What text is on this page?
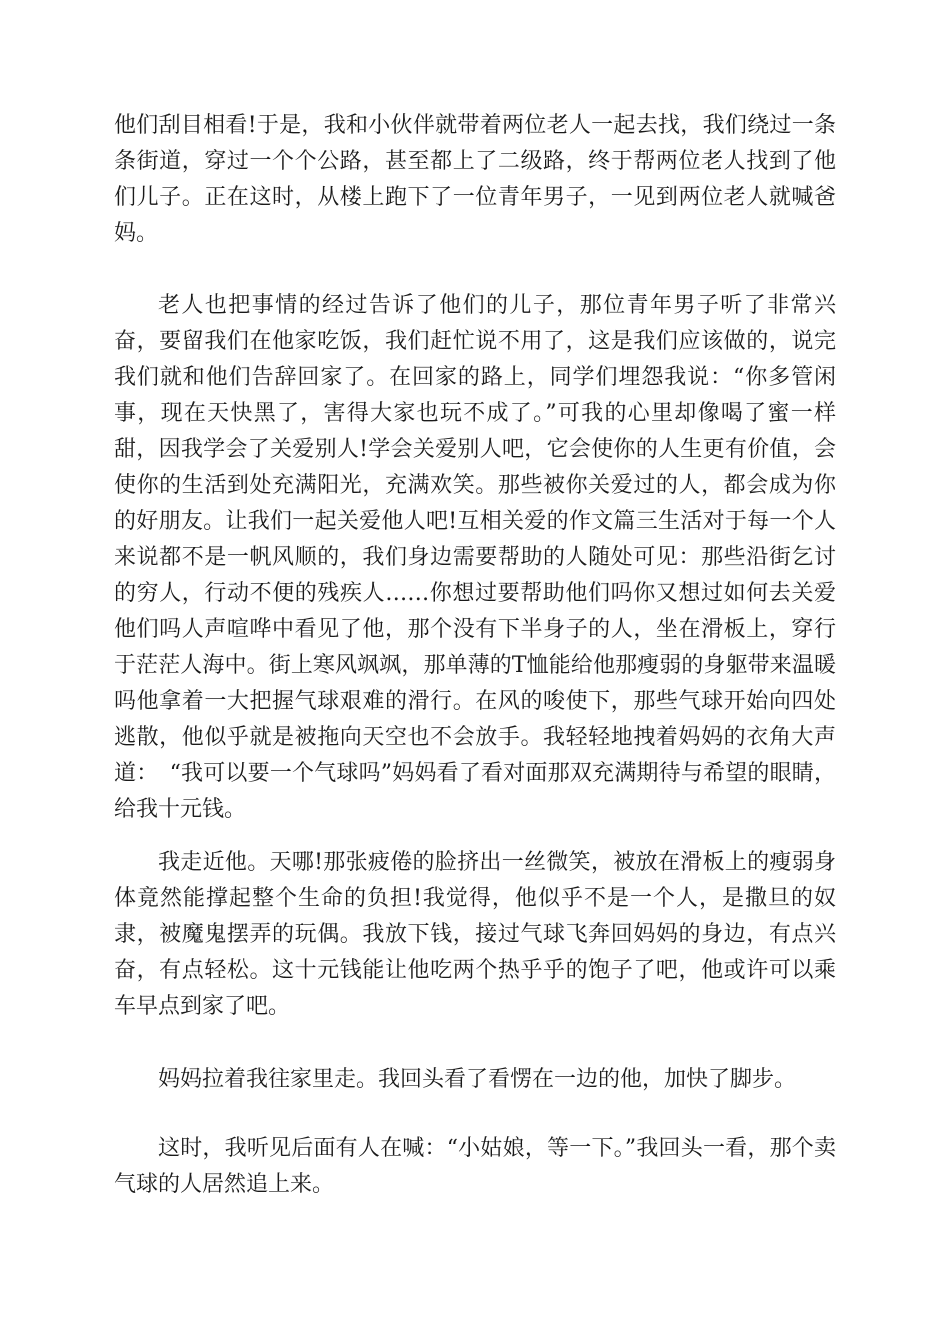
他们刮目相看!于是，我和小伙伴就带着两位老人一起去找，我们绕过一条条街道，穿过一个个公路，甚至都上了二级路，终于帮两位老人找到了他们儿子。正在这时，从楼上跑下了一位青年男子，一见到两位老人就喊爸妈。

老人也把事情的经过告诉了他们的儿子，那位青年男子听了非常兴奋，要留我们在他家吃饭，我们赶忙说不用了，这是我们应该做的，说完我们就和他们告辞回家了。在回家的路上，同学们埋怨我说：“你多管闲事，现在天快黑了，害得大家也玩不成了。”可我的心里却像喝了蜜一样甜，因我学会了关爱别人!学会关爱别人吧，它会使你的人生更有价值，会使你的生活到处充满阳光，充满欢笑。那些被你关爱过的人，都会成为你的好朋友。让我们一起关爱他人吧!互相关爱的作文篇三生活对于每一个人来说都不是一帆风顺的，我们身边需要帮助的人随处可见：那些沿街乞讨的穷人，行动不便的残疾人……你想过要帮助他们吗你又想过如何去关爱他们吗人声喧哗中看见了他，那个没有下半身子的人，坐在滑板上，穿行于茫茫人海中。街上寒风飒飒，那单薄的T恤能给他那瘦弱的身躯带来温暖吗他拿着一大把握气球艰难的滑行。在风的唆使下，那些气球开始向四处逃散，他似乎就是被拖向天空也不会放手。我轻轻地拽着妈妈的衣角大声道：　“我可以要一个气球吗”妈妈看了看对面那双充满期待与希望的眼睛，给我十元钱。

我走近他。天哪!那张疲倦的脸挤出一丝微笑，被放在滑板上的瘦弱身体竟然能撑起整个生命的负担!我觉得，他似乎不是一个人，是撒旦的奴隶，被魔鬼摆弄的玩偶。我放下钱，接过气球飞奔回妈妈的身边，有点兴奋，有点轻松。这十元钱能让他吃两个热乎乎的饱子了吧，他或许可以乘车早点到家了吧。

妈妈拉着我往家里走。我回头看了看愣在一边的他，加快了脚步。

这时，我听见后面有人在喊：“小姑娘，等一下。”我回头一看，那个卖气球的人居然追上来。
